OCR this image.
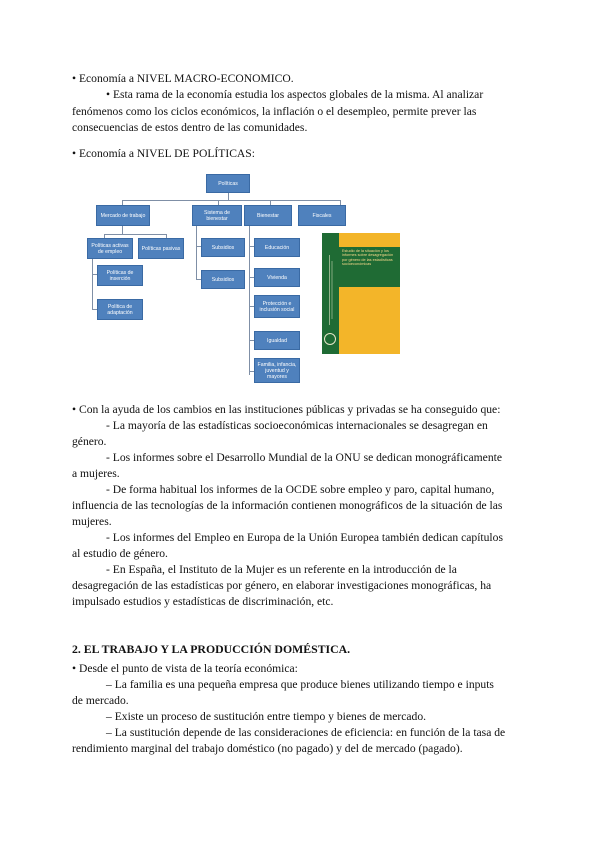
• Economía a NIVEL MACRO-ECONOMICO.
• Esta rama de la economía estudia los aspectos globales de la misma. Al analizar
fenómenos como los ciclos económicos, la inflación o el desempleo, permite prever las
consecuencias de estos dentro de las comunidades.
• Economía a NIVEL DE POLÍTICAS:
Políticas
Mercado de trabajo	Sistema de bienestar	Bienestar	Fiscales
Políticas activas de empleo	Políticas pasivas
Políticas de inserción
Política de adaptación
Subsidios
Subsidios
Educación
Vivienda
Protección e inclusión social
Igualdad
Familia, infancia, juventud y mayores
Estudio de la situación y los informes sobre desagregación por género de las estadísticas socioeconómicas
• Con la ayuda de los cambios en las instituciones públicas y privadas se ha conseguido que:
- La mayoría de las estadísticas socioeconómicas internacionales se desagregan en
género.
- Los informes sobre el Desarrollo Mundial de la ONU se dedican monográficamente
a mujeres.
- De forma habitual los informes de la OCDE sobre empleo y paro, capital humano,
influencia de las tecnologías de la información contienen monográficos de la situación de las
mujeres.
- Los informes del Empleo en Europa de la Unión Europea también dedican capítulos
al estudio de género.
- En España, el Instituto de la Mujer es un referente en la introducción de la
desagregación de las estadísticas por género, en elaborar investigaciones monográficas, ha
impulsado estudios y estadísticas de discriminación, etc.
2. EL TRABAJO Y LA PRODUCCIÓN DOMÉSTICA.
• Desde el punto de vista de la teoría económica:
– La familia es una pequeña empresa que produce bienes utilizando tiempo e inputs
de mercado.
– Existe un proceso de sustitución entre tiempo y bienes de mercado.
– La sustitución depende de las consideraciones de eficiencia: en función de la tasa de
rendimiento marginal del trabajo doméstico (no pagado) y del de mercado (pagado).
